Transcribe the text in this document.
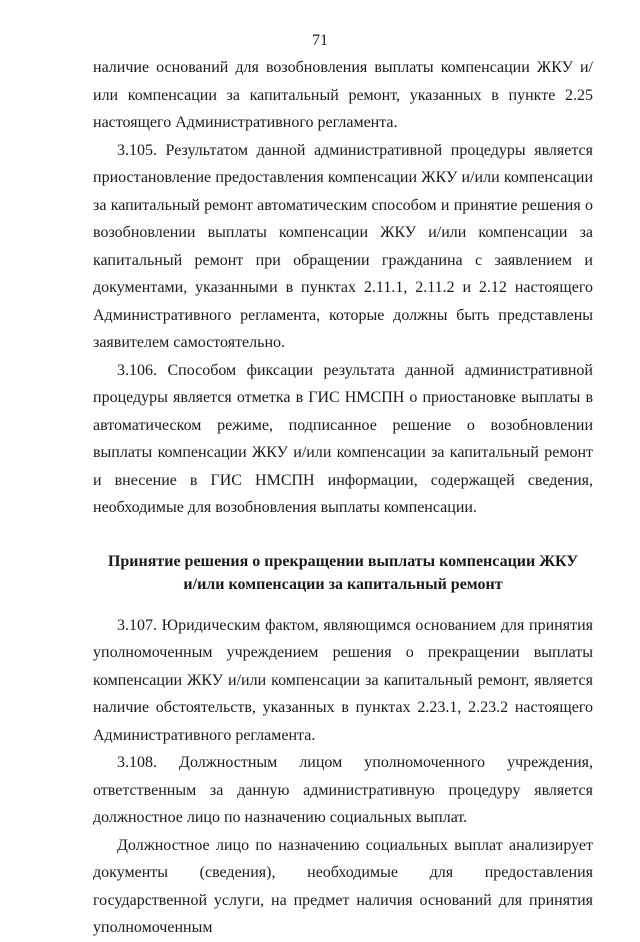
71

наличие оснований для возобновления выплаты компенсации ЖКУ и/или компенсации за капитальный ремонт, указанных в пункте 2.25 настоящего Административного регламента.

3.105. Результатом данной административной процедуры является приостановление предоставления компенсации ЖКУ и/или компенсации за капитальный ремонт автоматическим способом и принятие решения о возобновлении выплаты компенсации ЖКУ и/или компенсации за капитальный ремонт при обращении гражданина с заявлением и документами, указанными в пунктах 2.11.1, 2.11.2 и 2.12 настоящего Административного регламента, которые должны быть представлены заявителем самостоятельно.

3.106. Способом фиксации результата данной административной процедуры является отметка в ГИС НМСПН о приостановке выплаты в автоматическом режиме, подписанное решение о возобновлении выплаты компенсации ЖКУ и/или компенсации за капитальный ремонт и внесение в ГИС НМСПН информации, содержащей сведения, необходимые для возобновления выплаты компенсации.

Принятие решения о прекращении выплаты компенсации ЖКУ
и/или компенсации за капитальный ремонт

3.107. Юридическим фактом, являющимся основанием для принятия уполномоченным учреждением решения о прекращении выплаты компенсации ЖКУ и/или компенсации за капитальный ремонт, является наличие обстоятельств, указанных в пунктах 2.23.1, 2.23.2 настоящего Административного регламента.

3.108. Должностным лицом уполномоченного учреждения, ответственным за данную административную процедуру является должностное лицо по назначению социальных выплат.

Должностное лицо по назначению социальных выплат анализирует документы (сведения), необходимые для предоставления государственной услуги, на предмет наличия оснований для принятия уполномоченным
